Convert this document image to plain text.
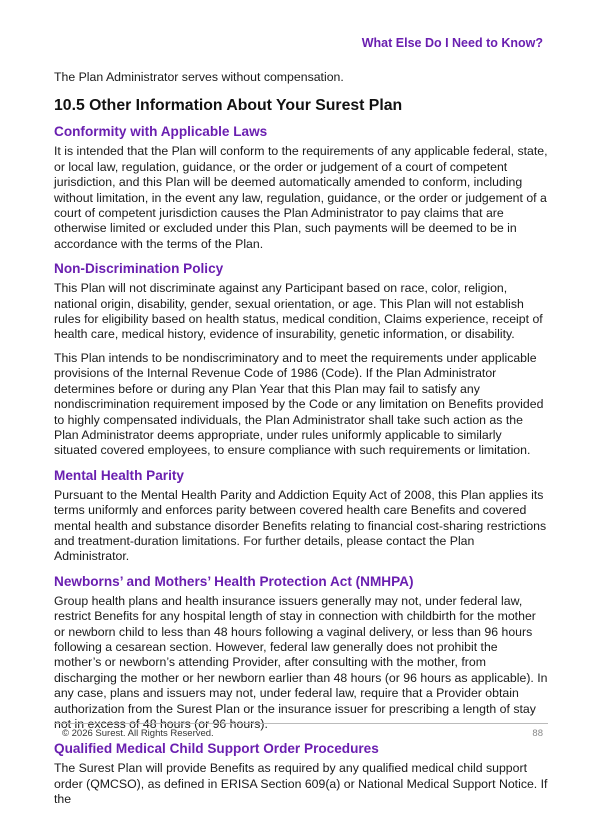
What Else Do I Need to Know?

The Plan Administrator serves without compensation.

10.5 Other Information About Your Surest Plan
Conformity with Applicable Laws

It is intended that the Plan will conform to the requirements of any applicable federal, state, or local law, regulation, guidance, or the order or judgement of a court of competent jurisdiction, and this Plan will be deemed automatically amended to conform, including without limitation, in the event any law, regulation, guidance, or the order or judgement of a court of competent jurisdiction causes the Plan Administrator to pay claims that are otherwise limited or excluded under this Plan, such payments will be deemed to be in accordance with the terms of the Plan.

Non-Discrimination Policy

This Plan will not discriminate against any Participant based on race, color, religion, national origin, disability, gender, sexual orientation, or age. This Plan will not establish rules for eligibility based on health status, medical condition, Claims experience, receipt of health care, medical history, evidence of insurability, genetic information, or disability.

This Plan intends to be nondiscriminatory and to meet the requirements under applicable provisions of the Internal Revenue Code of 1986 (Code). If the Plan Administrator determines before or during any Plan Year that this Plan may fail to satisfy any nondiscrimination requirement imposed by the Code or any limitation on Benefits provided to highly compensated individuals, the Plan Administrator shall take such action as the Plan Administrator deems appropriate, under rules uniformly applicable to similarly situated covered employees, to ensure compliance with such requirements or limitation.

Mental Health Parity

Pursuant to the Mental Health Parity and Addiction Equity Act of 2008, this Plan applies its terms uniformly and enforces parity between covered health care Benefits and covered mental health and substance disorder Benefits relating to financial cost-sharing restrictions and treatment-duration limitations. For further details, please contact the Plan Administrator.

Newborns’ and Mothers’ Health Protection Act (NMHPA)

Group health plans and health insurance issuers generally may not, under federal law, restrict Benefits for any hospital length of stay in connection with childbirth for the mother or newborn child to less than 48 hours following a vaginal delivery, or less than 96 hours following a cesarean section. However, federal law generally does not prohibit the mother’s or newborn’s attending Provider, after consulting with the mother, from discharging the mother or her newborn earlier than 48 hours (or 96 hours as applicable). In any case, plans and issuers may not, under federal law, require that a Provider obtain authorization from the Surest Plan or the insurance issuer for prescribing a length of stay not in excess of 48 hours (or 96 hours).

Qualified Medical Child Support Order Procedures

The Surest Plan will provide Benefits as required by any qualified medical child support order (QMCSO), as defined in ERISA Section 609(a) or National Medical Support Notice. If the

© 2026 Surest. All Rights Reserved.	88
